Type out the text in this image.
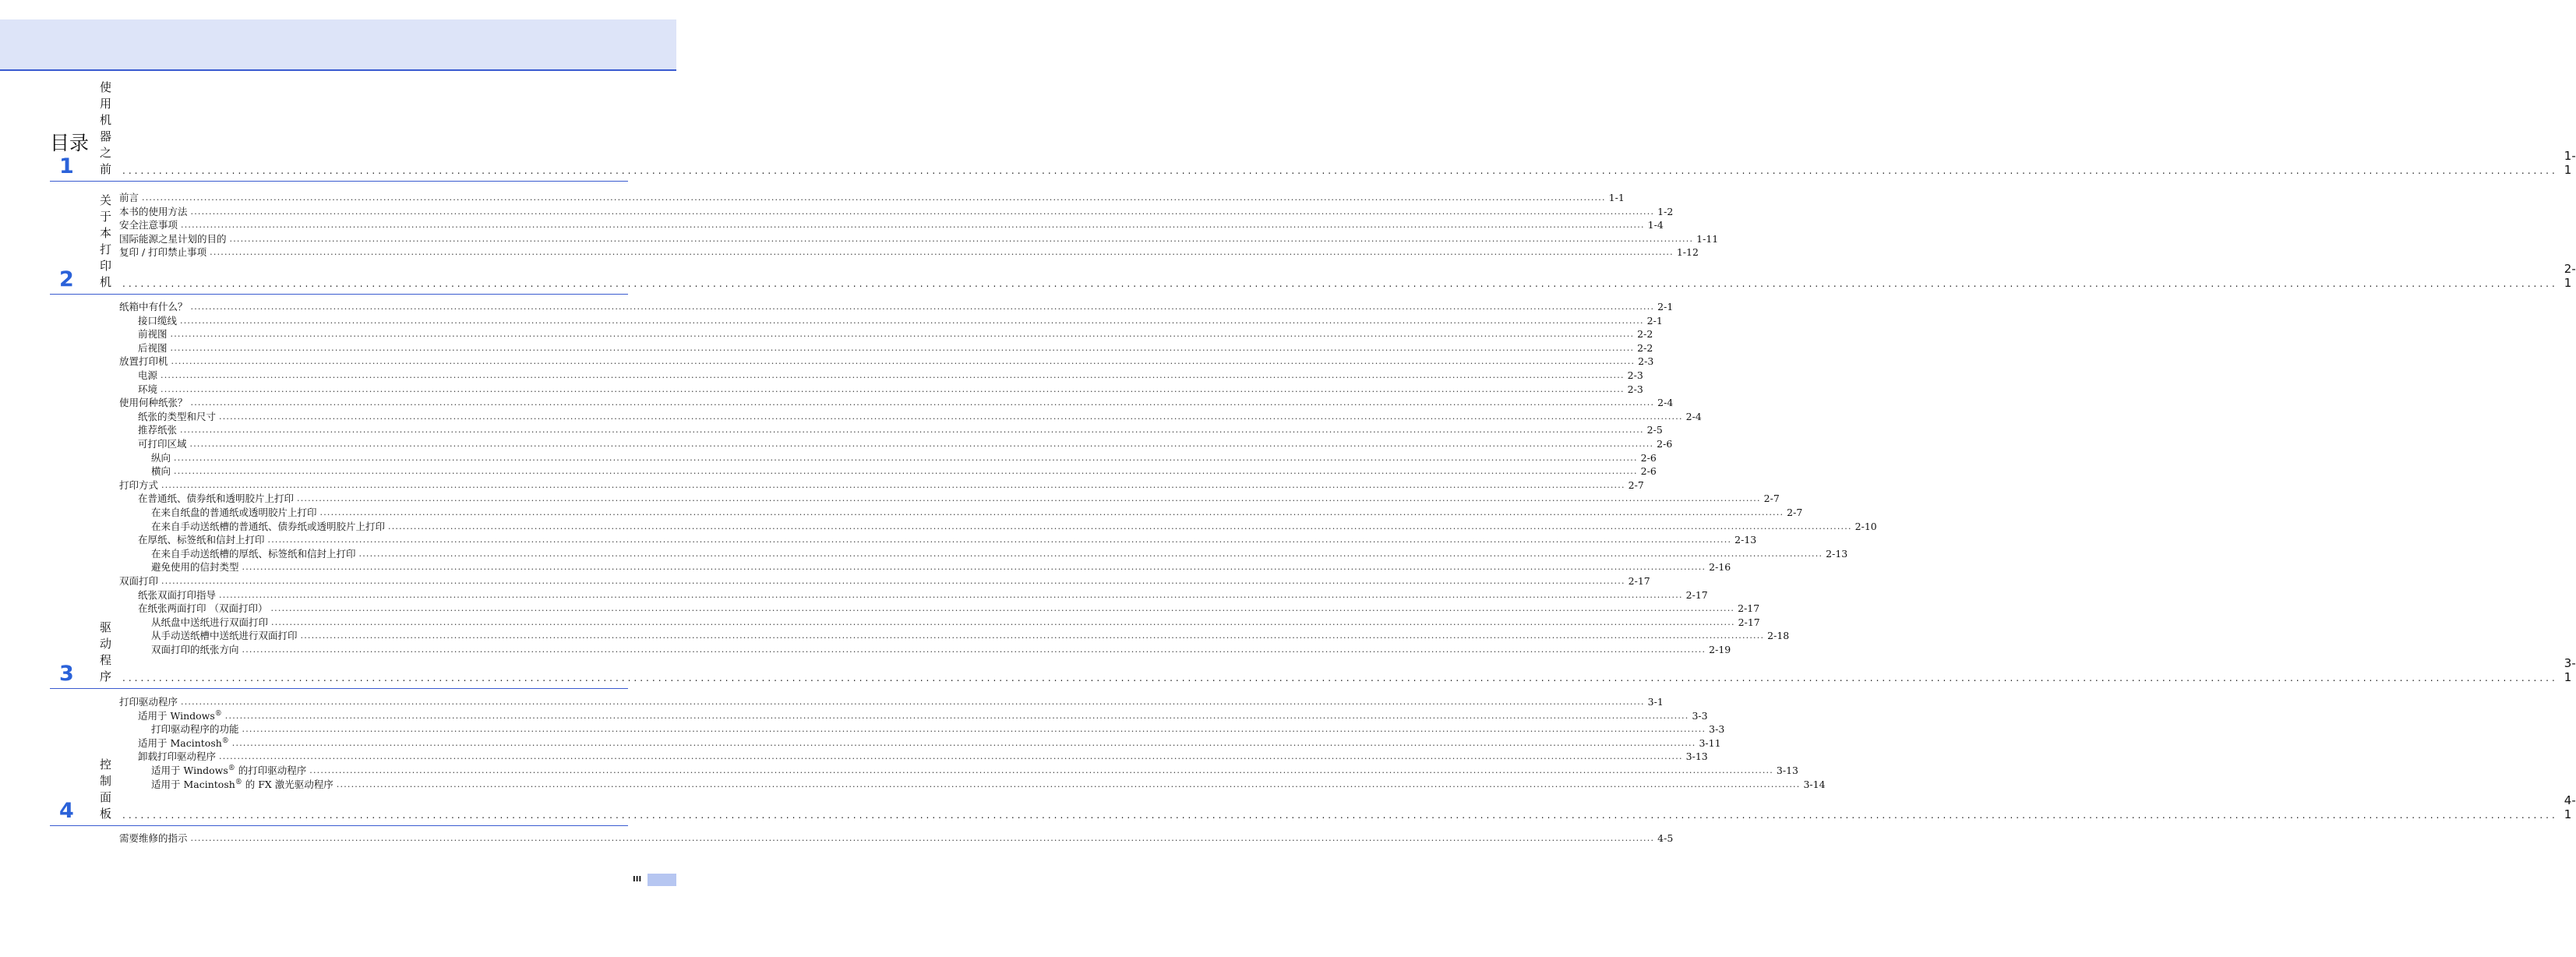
目录
1
使用机器之前 ................................................................................................................................................................................................................................................................................................................................................................................................................
1-1
前言 ................................................................................................................................................................................................................................................................................................................................................................................................................ 1-1
本书的使用方法 ................................................................................................................................................................................................................................................................................................................................................................................................................ 1-2
安全注意事项 ................................................................................................................................................................................................................................................................................................................................................................................................................ 1-4
国际能源之星计划的目的 ................................................................................................................................................................................................................................................................................................................................................................................................................ 1-11
复印 / 打印禁止事项 ................................................................................................................................................................................................................................................................................................................................................................................................................ 1-12
2
关于本打印机 ................................................................................................................................................................................................................................................................................................................................................................................................................
2-1
纸箱中有什么？ ................................................................................................................................................................................................................................................................................................................................................................................................................ 2-1
接口缆线 ................................................................................................................................................................................................................................................................................................................................................................................................................ 2-1
前视图 ................................................................................................................................................................................................................................................................................................................................................................................................................ 2-2
后视图 ................................................................................................................................................................................................................................................................................................................................................................................................................ 2-2
放置打印机 ................................................................................................................................................................................................................................................................................................................................................................................................................ 2-3
电源 ................................................................................................................................................................................................................................................................................................................................................................................................................ 2-3
环境 ................................................................................................................................................................................................................................................................................................................................................................................................................ 2-3
使用何种纸张？ ................................................................................................................................................................................................................................................................................................................................................................................................................ 2-4
纸张的类型和尺寸 ................................................................................................................................................................................................................................................................................................................................................................................................................ 2-4
推荐纸张 ................................................................................................................................................................................................................................................................................................................................................................................................................ 2-5
可打印区域 ................................................................................................................................................................................................................................................................................................................................................................................................................ 2-6
纵向 ................................................................................................................................................................................................................................................................................................................................................................................................................ 2-6
横向 ................................................................................................................................................................................................................................................................................................................................................................................................................ 2-6
打印方式 ................................................................................................................................................................................................................................................................................................................................................................................................................ 2-7
在普通纸、债券纸和透明胶片上打印 ................................................................................................................................................................................................................................................................................................................................................................................................................ 2-7
在来自纸盘的普通纸或透明胶片上打印 ................................................................................................................................................................................................................................................................................................................................................................................................................ 2-7
在来自手动送纸槽的普通纸、债券纸或透明胶片上打印 ................................................................................................................................................................................................................................................................................................................................................................................................................ 2-10
在厚纸、标签纸和信封上打印 ................................................................................................................................................................................................................................................................................................................................................................................................................ 2-13
在来自手动送纸槽的厚纸、标签纸和信封上打印 ................................................................................................................................................................................................................................................................................................................................................................................................................ 2-13
避免使用的信封类型 ................................................................................................................................................................................................................................................................................................................................................................................................................ 2-16
双面打印 ................................................................................................................................................................................................................................................................................................................................................................................................................ 2-17
纸张双面打印指导 ................................................................................................................................................................................................................................................................................................................................................................................................................ 2-17
在纸张两面打印 （双面打印） ................................................................................................................................................................................................................................................................................................................................................................................................................ 2-17
从纸盘中送纸进行双面打印 ................................................................................................................................................................................................................................................................................................................................................................................................................ 2-17
从手动送纸槽中送纸进行双面打印 ................................................................................................................................................................................................................................................................................................................................................................................................................ 2-18
双面打印的纸张方向 ................................................................................................................................................................................................................................................................................................................................................................................................................ 2-19
3
驱动程序 ................................................................................................................................................................................................................................................................................................................................................................................................................
3-1
打印驱动程序 ................................................................................................................................................................................................................................................................................................................................................................................................................ 3-1
适用于 Windows® ................................................................................................................................................................................................................................................................................................................................................................................................................ 3-3
打印驱动程序的功能 ................................................................................................................................................................................................................................................................................................................................................................................................................ 3-3
适用于 Macintosh® ................................................................................................................................................................................................................................................................................................................................................................................................................ 3-11
卸载打印驱动程序 ................................................................................................................................................................................................................................................................................................................................................................................................................ 3-13
适用于 Windows® 的打印驱动程序 ................................................................................................................................................................................................................................................................................................................................................................................................................ 3-13
适用于 Macintosh® 的 FX 激光驱动程序 ................................................................................................................................................................................................................................................................................................................................................................................................................ 3-14
4
控制面板 ................................................................................................................................................................................................................................................................................................................................................................................................................
4-1
需要维修的指示 ................................................................................................................................................................................................................................................................................................................................................................................................................ 4-5
III
